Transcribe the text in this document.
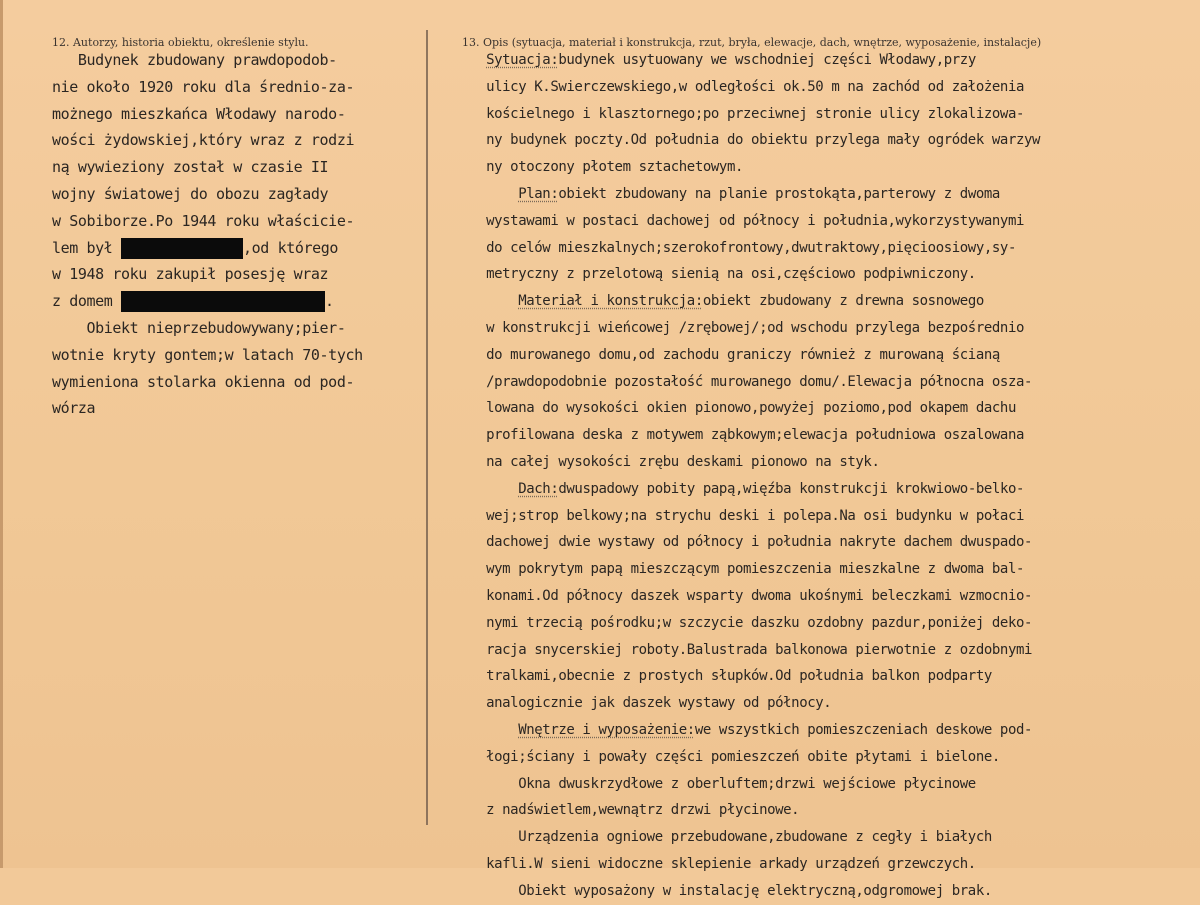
12. Autorzy, historia obiektu, określenie stylu.	13. Opis (sytuacja, materiał i konstrukcja, rzut, bryła, elewacje, dach, wnętrze, wyposażenie, instalacje)
Budynek zbudowany prawdopodob-
nie około 1920 roku dla średnio-za-
możnego mieszkańca Włodawy narodo-
wości żydowskiej,który wraz z rodzi
ną wywieziony został w czasie II
wojny światowej do obozu zagłady
w Sobiborze.Po 1944 roku właściciе-
lem był	,od którego
w 1948 roku zakupił posesję wraz
z domem	.
Obiekt nieprzebudowywany;pier-
wotnie kryty gontem;w latach 70-tych
wymieniona stolarka okienna od pod-
wórza
Sytuacja:budynek usytuowany we wschodniej części Włodawy,przy
ulicy K.Swierczewskiego,w odległości ok.50 m na zachód od założenia
kościelnego i klasztornego;po przeciwnej stronie ulicy zlokalizowa-
ny budynek poczty.Od południa do obiektu przylega mały ogródek warzyw
ny otoczony płotem sztachetowym.
Plan:obiekt zbudowany na planie prostokąta,parterowy z dwoma
wystawami w postaci dachowej od północy i południa,wykorzystywanymi
do celów mieszkalnych;szerokofrontowy,dwutraktowy,pięcioosiowy,sy-
metryczny z przelotową sienią na osi,częściowo podpiwniczony.
Materiał i konstrukcja:obiekt zbudowany z drewna sosnowego
w konstrukcji wieńcowej /zrębowej/;od wschodu przylega bezpośrednio
do murowanego domu,od zachodu graniczy również z murowaną ścianą
/prawdopodobnie pozostałość murowanego domu/.Elewacja północna osza-
lowana do wysokości okien pionowo,powyżej poziomo,pod okapem dachu
profilowana deska z motywem ząbkowym;elewacja południowa oszalowana
na całej wysokości zrębu deskami pionowo na styk.
Dach:dwuspadowy pobity papą,więźba konstrukcji krokwiowo-belko-
wej;strop belkowy;na strychu deski i polepa.Na osi budynku w połaci
dachowej dwie wystawy od północy i południa nakryte dachem dwuspado-
wym pokrytym papą mieszczącym pomieszczenia mieszkalne z dwoma bal-
konami.Od północy daszek wsparty dwoma ukośnymi beleczkami wzmocnio-
nymi trzecią pośrodku;w szczycie daszku ozdobny pazdur,poniżej deko-
racja snycerskiej roboty.Balustrada balkonowa pierwotnie z ozdobnymi
tralkami,obecnie z prostych słupków.Od południa balkon podparty
analogicznie jak daszek wystawy od północy.
Wnętrze i wyposażenie:we wszystkich pomieszczeniach deskowe pod-
łogi;ściany i powały części pomieszczeń obite płytami i bielone.
Okna dwuskrzydłowe z oberluftem;drzwi wejściowe płycinowe
z nadświetlem,wewnątrz drzwi płycinowe.
Urządzenia ogniowe przebudowane,zbudowane z cegły i białych
kafli.W sieni widoczne sklepienie arkady urządzeń grzewczych.
Obiekt wyposażony w instalację elektryczną,odgromowej brak.
